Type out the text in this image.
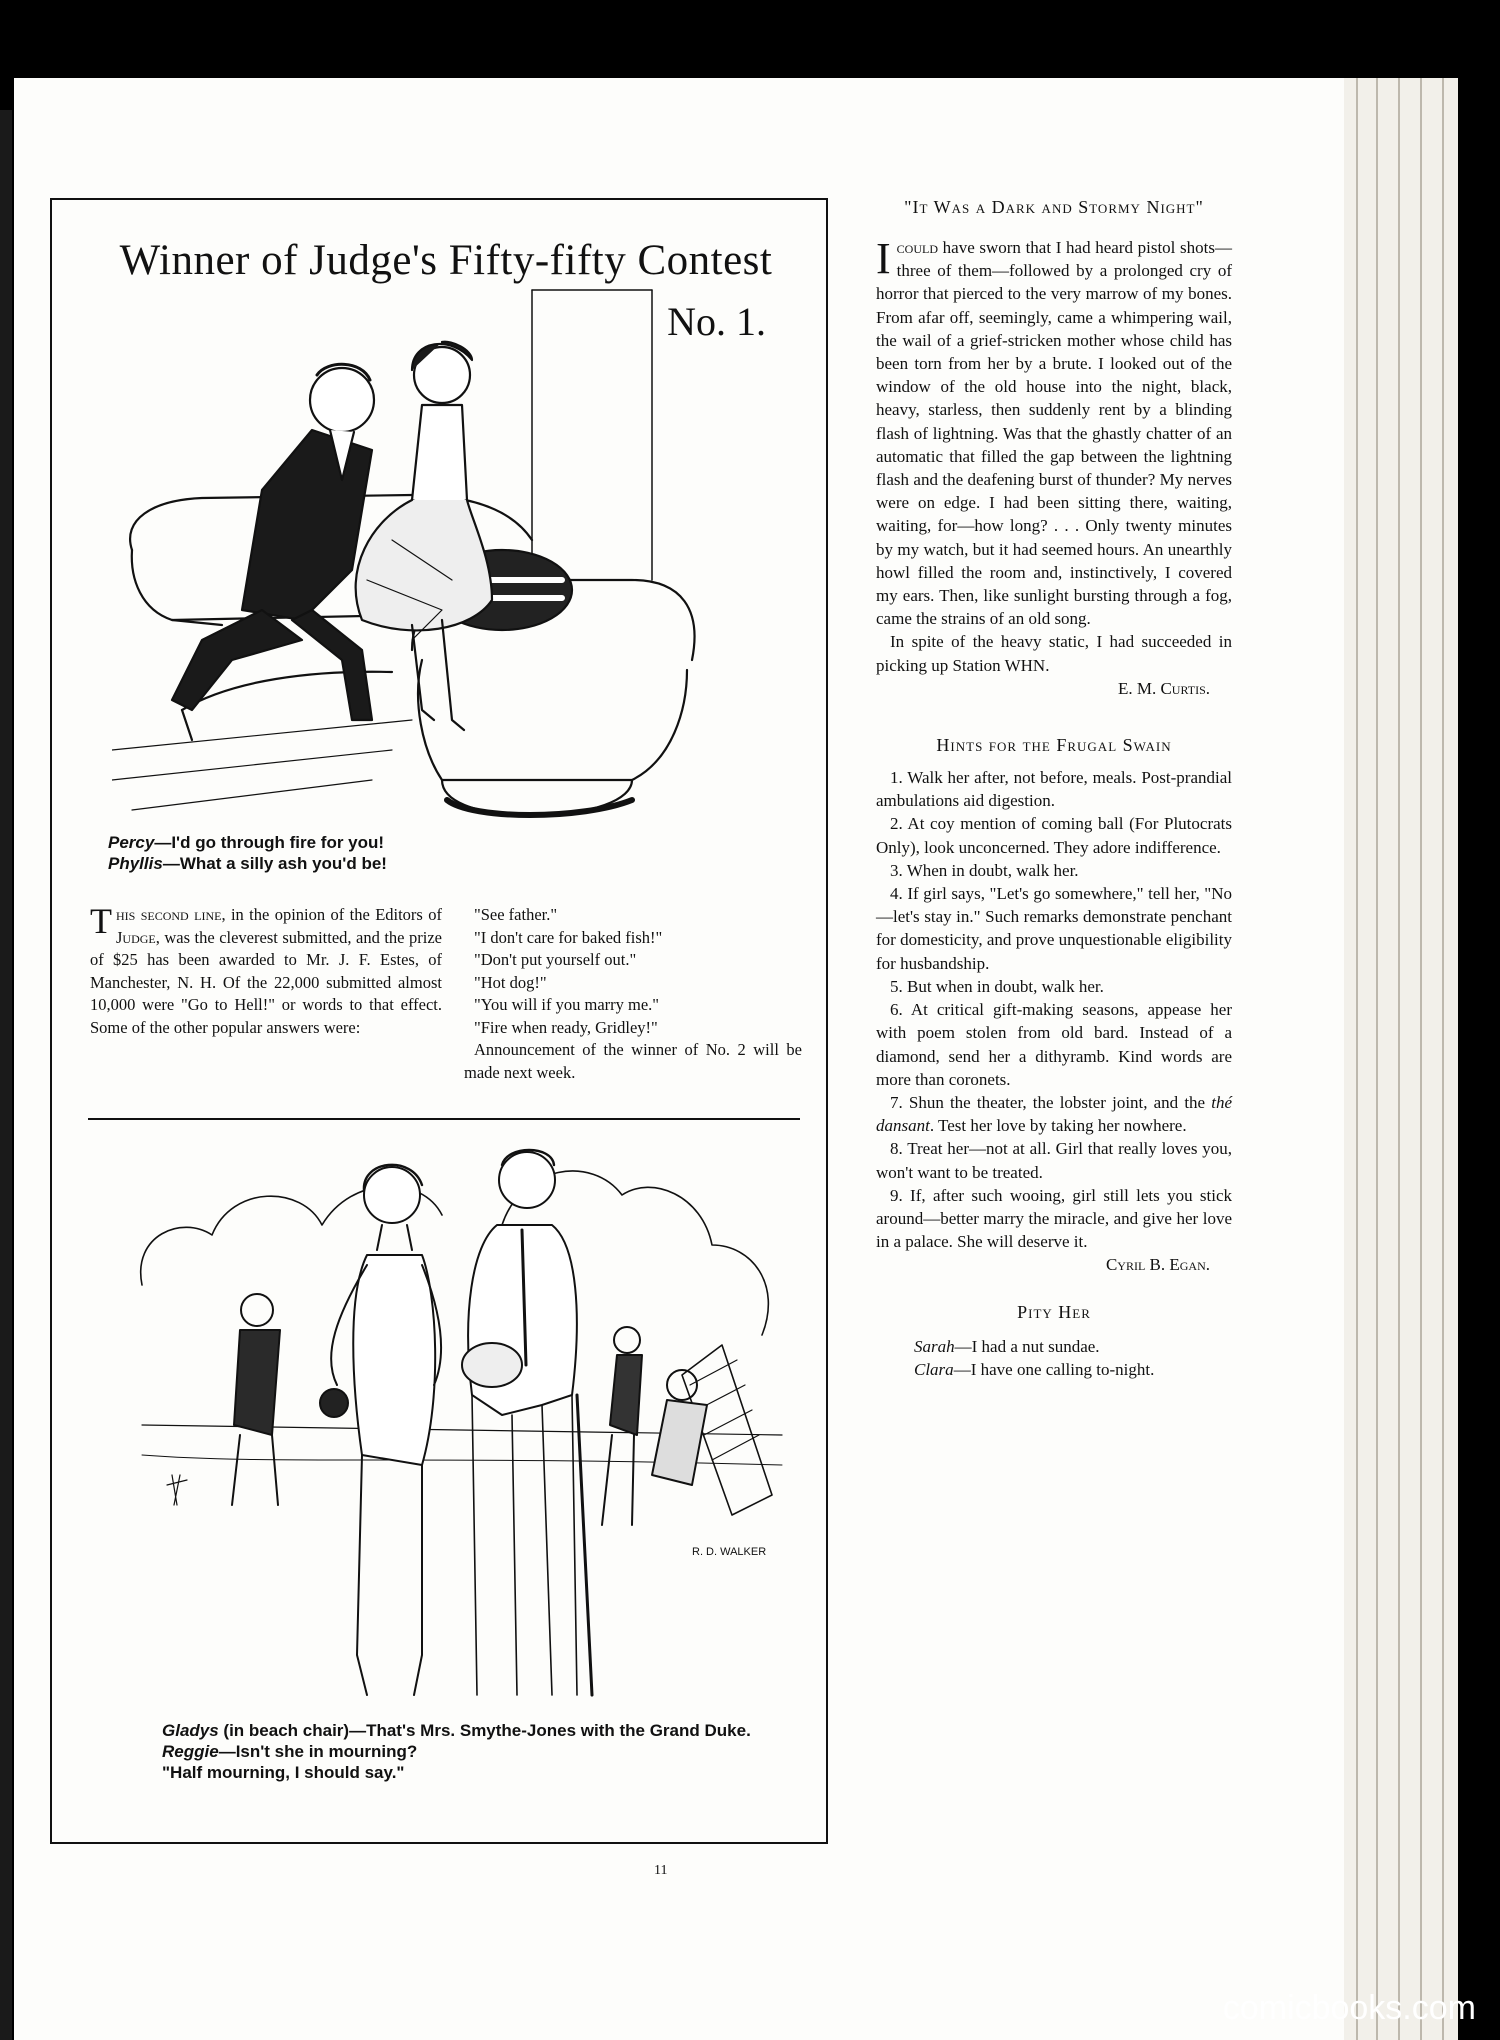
Winner of Judge's Fifty-fifty Contest
No. 1.
Percy—I'd go through fire for you!
Phyllis—What a silly ash you'd be!

This second line, in the opinion of the Editors of Judge, was the cleverest submitted, and the prize of $25 has been awarded to Mr. J. F. Estes, of Manchester, N. H. Of the 22,000 submitted almost 10,000 were "Go to Hell!" or words to that effect. Some of the other popular answers were:

"See father."

"I don't care for baked fish!"

"Don't put yourself out."

"Hot dog!"

"You will if you marry me."

"Fire when ready, Gridley!"

Announcement of the winner of No. 2 will be made next week.

R. D. WALKER
Gladys (in beach chair)—That's Mrs. Smythe-Jones with the Grand Duke.
Reggie—Isn't she in mourning?
"Half mourning, I should say."
"It Was a Dark and Stormy Night"

Icould have sworn that I had heard pistol shots—three of them—followed by a prolonged cry of horror that pierced to the very marrow of my bones. From afar off, seemingly, came a whimpering wail, the wail of a grief-stricken mother whose child has been torn from her by a brute. I looked out of the window of the old house into the night, black, heavy, starless, then suddenly rent by a blinding flash of lightning. Was that the ghastly chatter of an automatic that filled the gap between the lightning flash and the deafening burst of thunder? My nerves were on edge. I had been sitting there, waiting, waiting, for—how long? . . . Only twenty minutes by my watch, but it had seemed hours. An unearthly howl filled the room and, instinctively, I covered my ears. Then, like sunlight bursting through a fog, came the strains of an old song.

In spite of the heavy static, I had succeeded in picking up Station WHN.

E. M. Curtis.

Hints for the Frugal Swain

1. Walk her after, not before, meals. Post-prandial ambulations aid digestion.

2. At coy mention of coming ball (For Plutocrats Only), look unconcerned. They adore indifference.

3. When in doubt, walk her.

4. If girl says, "Let's go somewhere," tell her, "No—let's stay in." Such remarks demonstrate penchant for domesticity, and prove unquestionable eligibility for husbandship.

5. But when in doubt, walk her.

6. At critical gift-making seasons, appease her with poem stolen from old bard. Instead of a diamond, send her a dithyramb. Kind words are more than coronets.

7. Shun the theater, the lobster joint, and the thé dansant. Test her love by taking her nowhere.

8. Treat her—not at all. Girl that really loves you, won't want to be treated.

9. If, after such wooing, girl still lets you stick around—better marry the miracle, and give her love in a palace. She will deserve it.

Cyril B. Egan.

Pity Her

Sarah—I had a nut sundae.

Clara—I have one calling to-night.

11
comicbooks.com
